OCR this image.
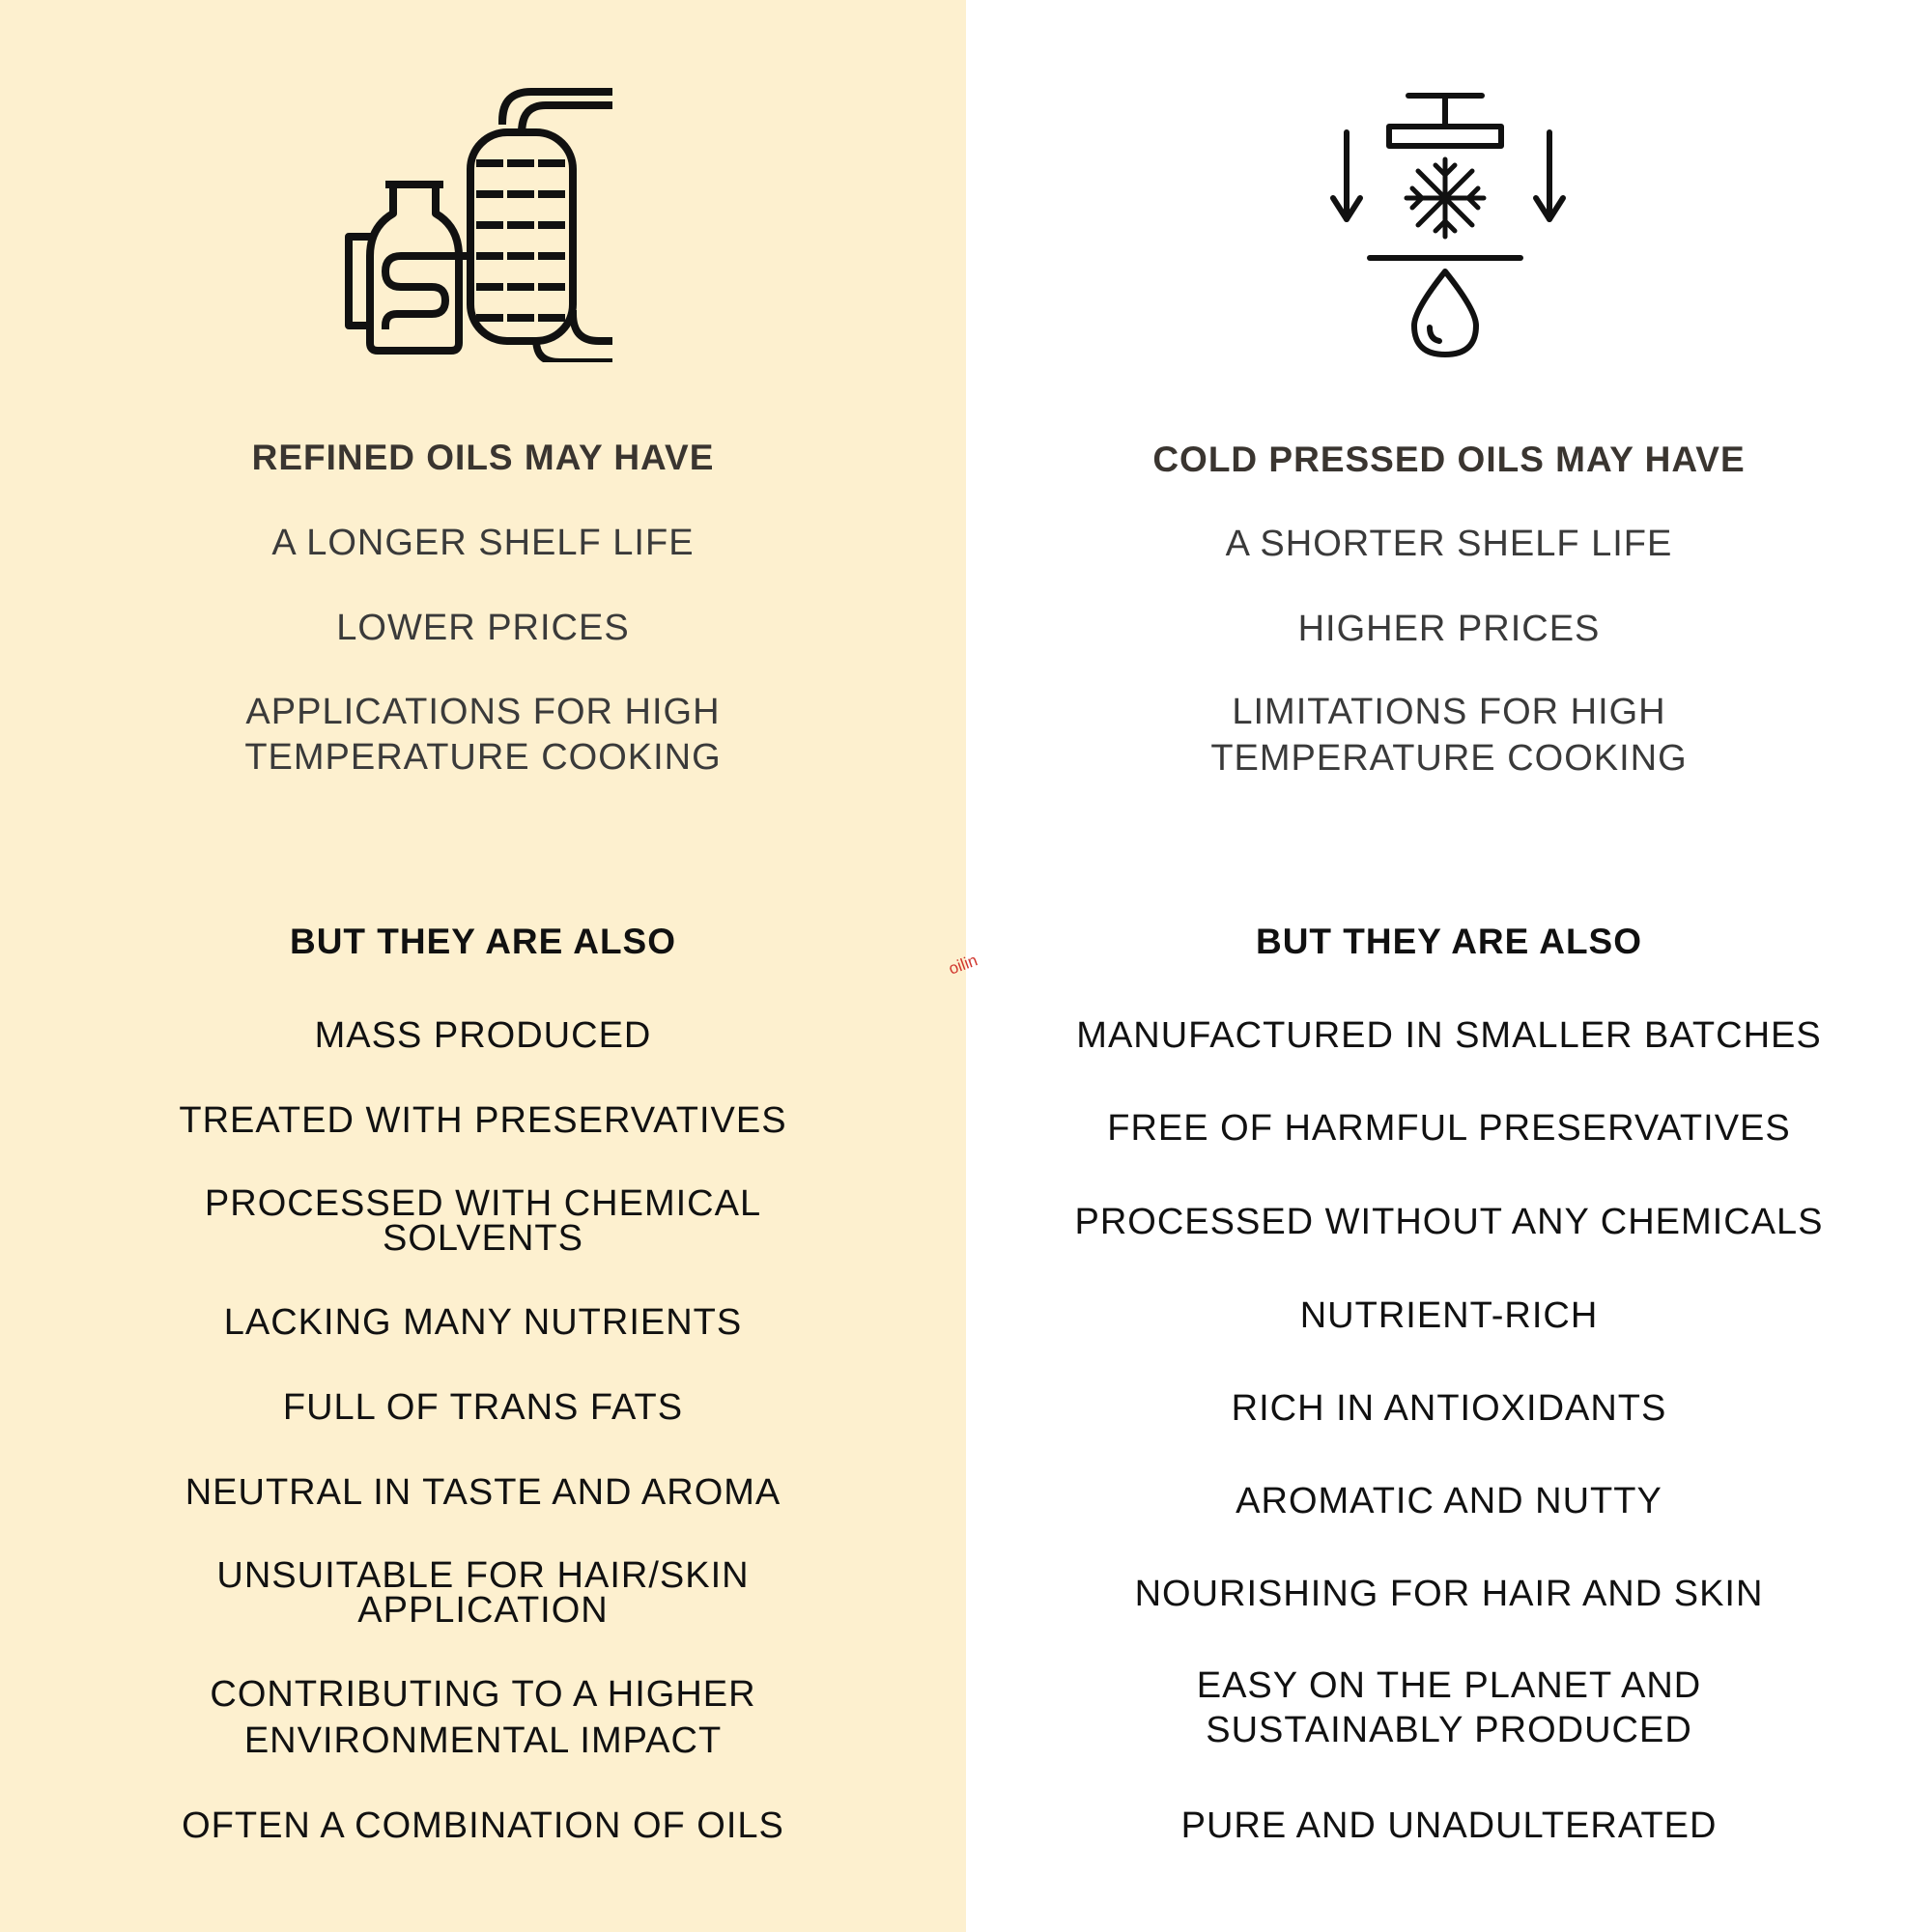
REFINED OILS MAY HAVE
A LONGER SHELF LIFE
LOWER PRICES
APPLICATIONS FOR HIGH
TEMPERATURE COOKING
BUT THEY ARE ALSO
MASS PRODUCED
TREATED WITH PRESERVATIVES
PROCESSED WITH CHEMICAL
SOLVENTS
LACKING MANY NUTRIENTS
FULL OF TRANS FATS
NEUTRAL IN TASTE AND AROMA
UNSUITABLE FOR HAIR/SKIN
APPLICATION
CONTRIBUTING TO A HIGHER
ENVIRONMENTAL IMPACT
OFTEN A COMBINATION OF OILS
COLD PRESSED OILS MAY HAVE
A SHORTER SHELF LIFE
HIGHER PRICES
LIMITATIONS FOR HIGH
TEMPERATURE COOKING
BUT THEY ARE ALSO
MANUFACTURED IN SMALLER BATCHES
FREE OF HARMFUL PRESERVATIVES
PROCESSED WITHOUT ANY CHEMICALS
NUTRIENT-RICH
RICH IN ANTIOXIDANTS
AROMATIC AND NUTTY
NOURISHING FOR HAIR AND SKIN
EASY ON THE PLANET AND
SUSTAINABLY PRODUCED
PURE AND UNADULTERATED
oilin
